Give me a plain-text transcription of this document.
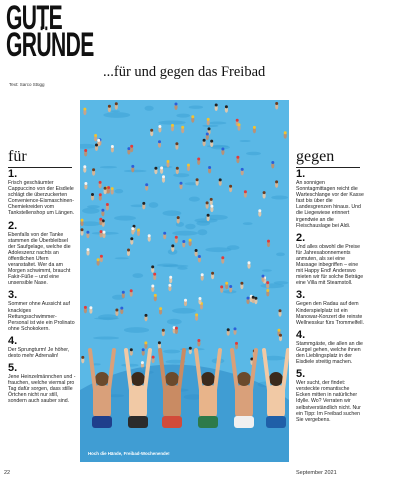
GUTE
GRÜNDE
Text: Sarco Stügg
...für und gegen das Freibad
für
1.
Frisch geschäumter Cappuccino von der Eisdiele schlägt die überzuckerten Convenience-Eismaschinen-Chemiekreiden vom Tankstellenshop um Längen.
2.
Ebenfalls von der Tanke stammen die Überbleibsel der Saufgelage, welche die Adoleszenz nachts an öffentlichen Ufern veranstaltet. Wer da am Morgen schwimmt, braucht Fakir-Füße – und eine unsensible Nase.
3.
Sommer ohne Aussicht auf knackiges Rettungsschwimmer-Personal ist wie ein Prolinato ohne Schokokern.
4.
Der Sprungturm! Je höher, desto mehr Adrenalin!
5.
Jene Heinzelmännchen und -frauchen, welche viermal pro Tag dafür sorgen, dass stille Örtchen nicht nur still, sondern auch sauber sind.
Hoch die Hände, Freibad-Wochenende!
gegen
1.
An sonnigen Sonntagmittagen reicht die Warteschlange vor der Kasse fast bis über die Landesgrenzen hinaus. Und die Liegewiese erinnert irgendwie an die Fleischauslage bei Aldi.
2.
Und alles obwohl die Preise für Jahresabonnements anmuten, als sei eine Massage inbegriffen – eine mit Happy End! Anderswo mieten wir für solche Beträge eine Villa mit Steamstoll.
3.
Gegen den Radau auf dem Kinderspielplatz ist ein Manowar-Konzert die reinste Wellnesskur fürs Trommelfell.
4.
Stammgäste, die allen an die Gurgel gehen, welche ihnen den Lieblingsplatz in der Eisdiele streitig machen.
5.
Wer sucht, der findet: versteckte romantische Ecken mitten in natürlicher Idylle. Wo? Verraten wir selbstverständlich nicht. Nur ein Tipp: Im Freibad suchen Sie vergebens.
22	September 2021
